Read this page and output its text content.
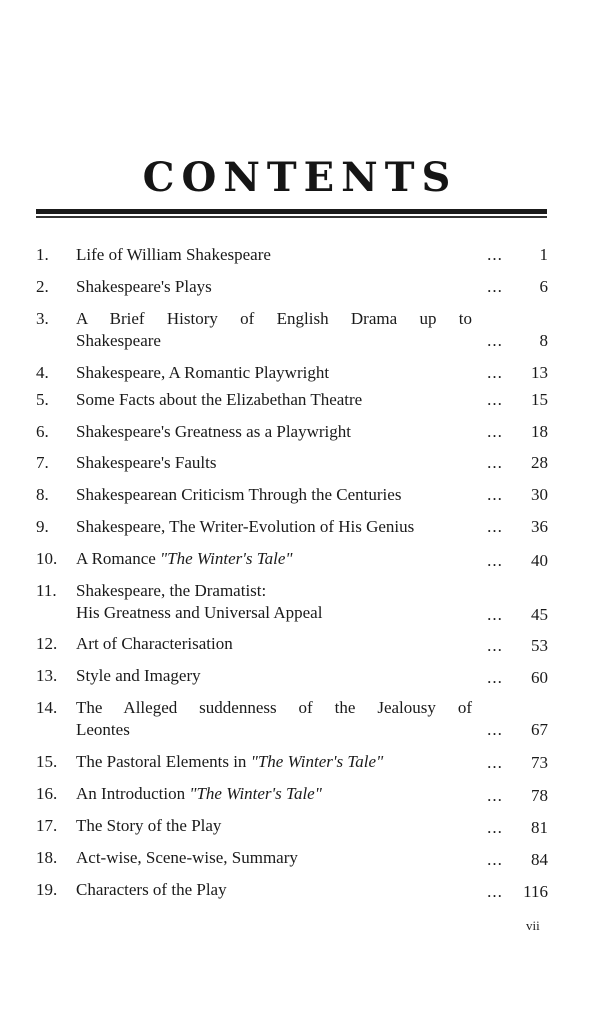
CONTENTS
1.	Life of William Shakespeare	...	1
2.	Shakespeare's Plays	...	6
3.	A Brief History of English Drama up to
Shakespeare	...	8
4.	Shakespeare, A Romantic Playwright	...	13
5.	Some Facts about the Elizabethan Theatre	...	15
6.	Shakespeare's Greatness as a Playwright	...	18
7.	Shakespeare's Faults	...	28
8.	Shakespearean Criticism Through the Centuries	...	30
9.	Shakespeare, The Writer-Evolution of His Genius	...	36
10.	A Romance "The Winter's Tale"	...	40
11.	Shakespeare, the Dramatist:
His Greatness and Universal Appeal	...	45
12.	Art of Characterisation	...	53
13.	Style and Imagery	...	60
14.	The Alleged suddenness of the Jealousy of
Leontes	...	67
15.	The Pastoral Elements in "The Winter's Tale"	...	73
16.	An Introduction "The Winter's Tale"	...	78
17.	The Story of the Play	...	81
18.	Act-wise, Scene-wise, Summary	...	84
19.	Characters of the Play	...	116
vii
